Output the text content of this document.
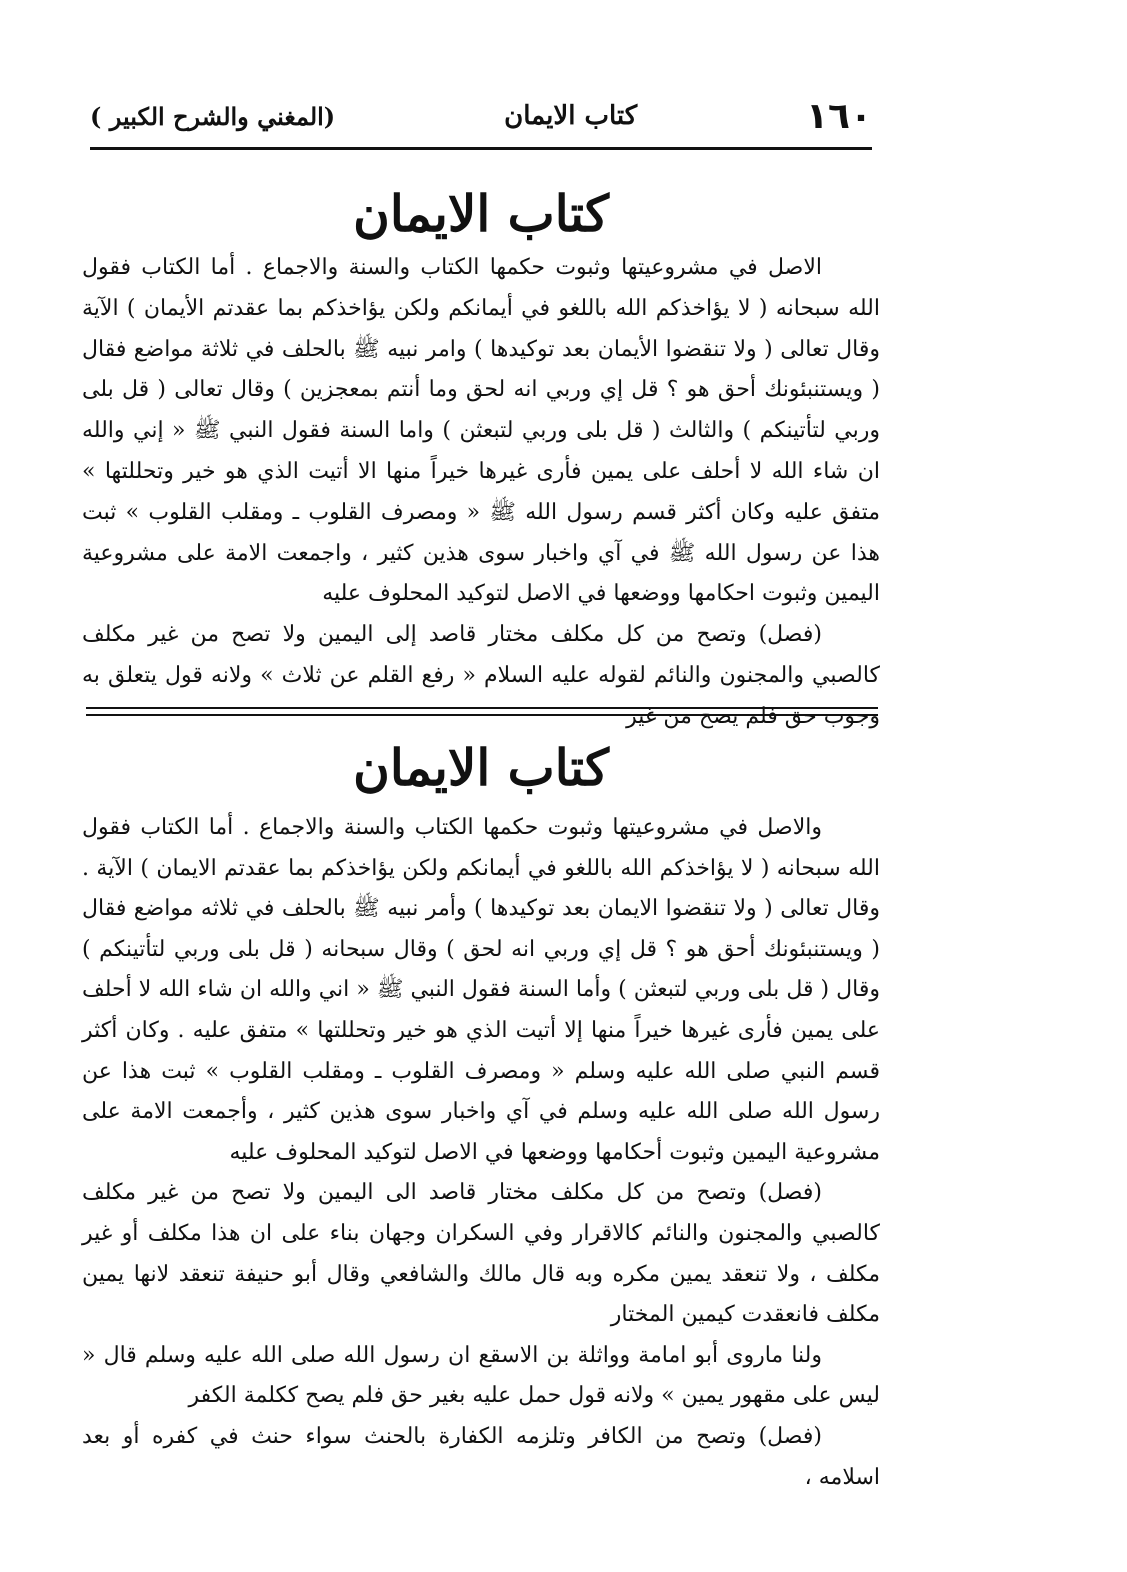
١٦٠
كتاب الايمان
(المغني والشرح الكبير )
كتاب الايمان

الاصل في مشروعيتها وثبوت حكمها الكتاب والسنة والاجماع . أما الكتاب فقول الله سبحانه ( لا يؤاخذكم الله باللغو في أيمانكم ولكن يؤاخذكم بما عقدتم الأيمان ) الآية وقال تعالى ( ولا تنقضوا الأيمان بعد توكيدها ) وامر نبيه ﷺ بالحلف في ثلاثة مواضع فقال ( ويستنبئونك أحق هو ؟ قل إي وربي انه لحق وما أنتم بمعجزين ) وقال تعالى ( قل بلى وربي لتأتينكم ) والثالث ( قل بلى وربي لتبعثن ) واما السنة فقول النبي ﷺ « إني والله ان شاء الله لا أحلف على يمين فأرى غيرها خيراً منها الا أتيت الذي هو خير وتحللتها » متفق عليه وكان أكثر قسم رسول الله ﷺ « ومصرف القلوب ـ ومقلب القلوب » ثبت هذا عن رسول الله ﷺ في آي واخبار سوى هذين كثير ، واجمعت الامة على مشروعية اليمين وثبوت احكامها ووضعها في الاصل لتوكيد المحلوف عليه

(فصل) وتصح من كل مكلف مختار قاصد إلى اليمين ولا تصح من غير مكلف كالصبي والمجنون والنائم لقوله عليه السلام « رفع القلم عن ثلاث » ولانه قول يتعلق به وجوب حق فلم يصح من غير

كتاب الايمان

والاصل في مشروعيتها وثبوت حكمها الكتاب والسنة والاجماع . أما الكتاب فقول الله سبحانه ( لا يؤاخذكم الله باللغو في أيمانكم ولكن يؤاخذكم بما عقدتم الايمان ) الآية . وقال تعالى ( ولا تنقضوا الايمان بعد توكيدها ) وأمر نبيه ﷺ بالحلف في ثلاثه مواضع فقال ( ويستنبئونك أحق هو ؟ قل إي وربي انه لحق ) وقال سبحانه ( قل بلى وربي لتأتينكم ) وقال ( قل بلى وربي لتبعثن ) وأما السنة فقول النبي ﷺ « اني والله ان شاء الله لا أحلف على يمين فأرى غيرها خيراً منها إلا أتيت الذي هو خير وتحللتها » متفق عليه . وكان أكثر قسم النبي صلى الله عليه وسلم « ومصرف القلوب ـ ومقلب القلوب » ثبت هذا عن رسول الله صلى الله عليه وسلم في آي واخبار سوى هذين كثير ، وأجمعت الامة على مشروعية اليمين وثبوت أحكامها ووضعها في الاصل لتوكيد المحلوف عليه

(فصل) وتصح من كل مكلف مختار قاصد الى اليمين ولا تصح من غير مكلف كالصبي والمجنون والنائم كالاقرار وفي السكران وجهان بناء على ان هذا مكلف أو غير مكلف ، ولا تنعقد يمين مكره وبه قال مالك والشافعي وقال أبو حنيفة تنعقد لانها يمين مكلف فانعقدت كيمين المختار

ولنا ماروى أبو امامة وواثلة بن الاسقع ان رسول الله صلى الله عليه وسلم قال « ليس على مقهور يمين » ولانه قول حمل عليه بغير حق فلم يصح ككلمة الكفر

(فصل) وتصح من الكافر وتلزمه الكفارة بالحنث سواء حنث في كفره أو بعد اسلامه ،
